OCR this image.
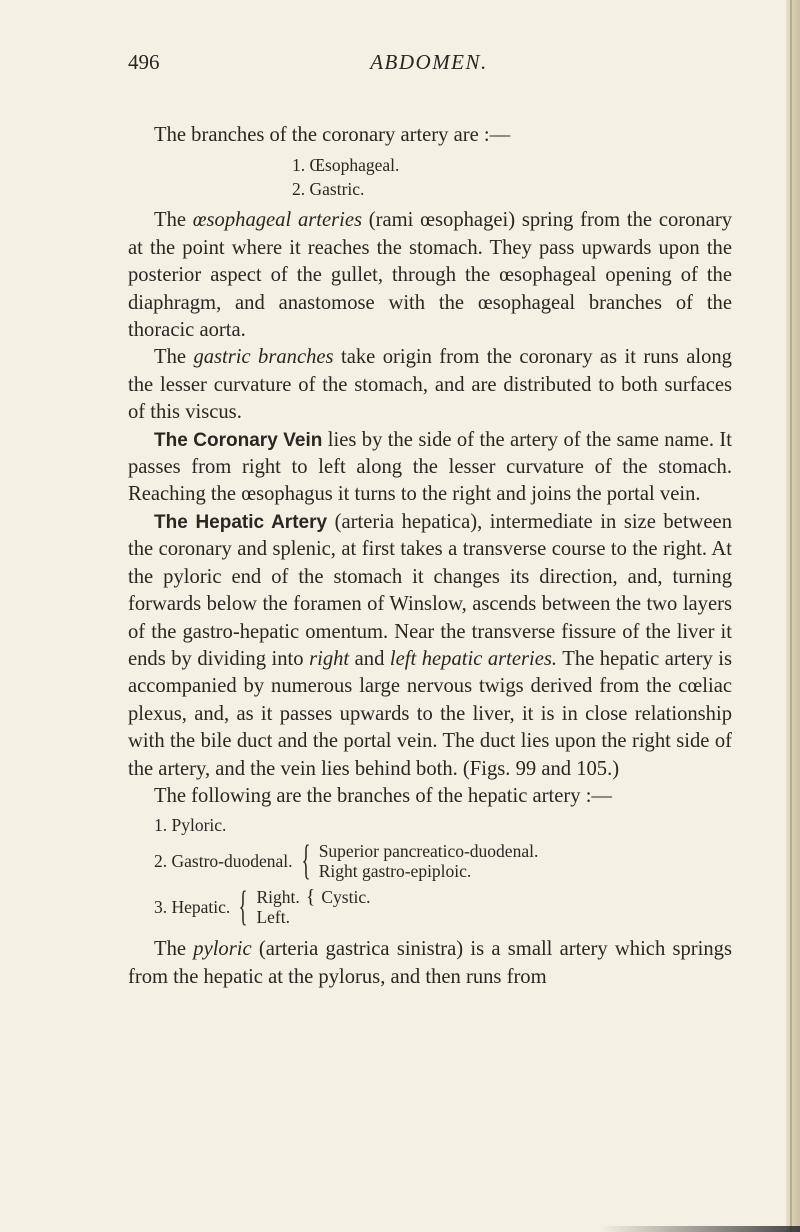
496	ABDOMEN.

The branches of the coronary artery are :—

1. Œsophageal.
2. Gastric.

The œsophageal arteries (rami œsophagei) spring from the coronary at the point where it reaches the stomach. They pass upwards upon the posterior aspect of the gullet, through the œsophageal opening of the diaphragm, and anastomose with the œsophageal branches of the thoracic aorta.

The gastric branches take origin from the coronary as it runs along the lesser curvature of the stomach, and are distributed to both surfaces of this viscus.

The Coronary Vein lies by the side of the artery of the same name. It passes from right to left along the lesser curvature of the stomach. Reaching the œsophagus it turns to the right and joins the portal vein.

The Hepatic Artery (arteria hepatica), intermediate in size between the coronary and splenic, at first takes a transverse course to the right. At the pyloric end of the stomach it changes its direction, and, turning forwards below the foramen of Winslow, ascends between the two layers of the gastro-hepatic omentum. Near the transverse fissure of the liver it ends by dividing into right and left hepatic arteries. The hepatic artery is accompanied by numerous large nervous twigs derived from the cœliac plexus, and, as it passes upwards to the liver, it is in close relationship with the bile duct and the portal vein. The duct lies upon the right side of the artery, and the vein lies behind both. (Figs. 99 and 105.)

The following are the branches of the hepatic artery :—

1. Pyloric.
2. Gastro-duodenal. { Superior pancreatico-duodenal.
Right gastro-epiploic.
3. Hepatic. { Right. { Cystic.
Left.

The pyloric (arteria gastrica sinistra) is a small artery which springs from the hepatic at the pylorus, and then runs from
